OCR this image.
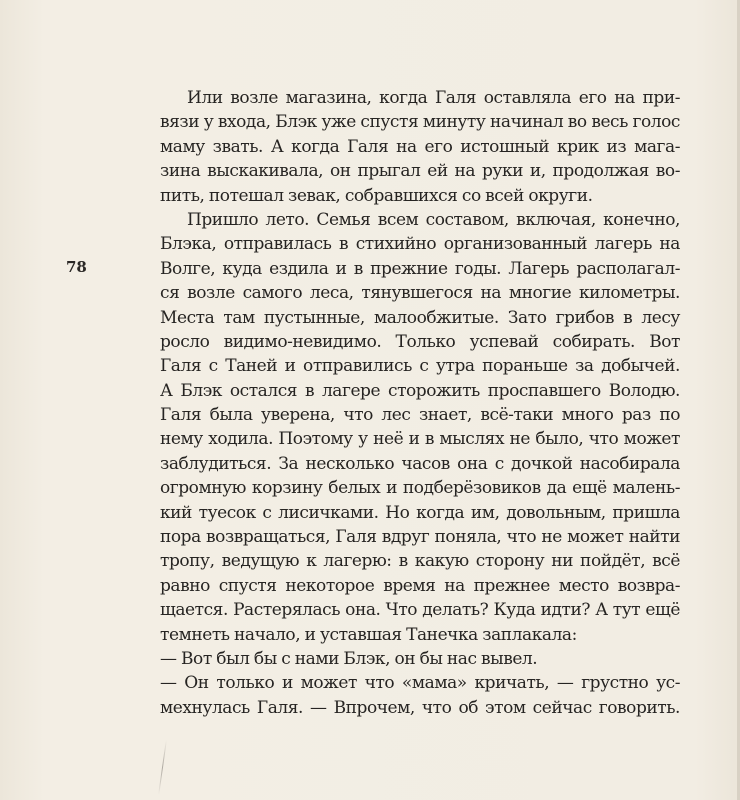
78
Или возле магазина, когда Галя оставляла его на при-
вязи у входа, Блэк уже спустя минуту начинал во весь голос
маму звать. А когда Галя на его истошный крик из мага-
зина выскакивала, он прыгал ей на руки и, продолжая во-
пить, потешал зевак, собравшихся со всей округи.
Пришло лето. Семья всем составом, включая, конечно,
Блэка, отправилась в стихийно организованный лагерь на
Волге, куда ездила и в прежние годы. Лагерь располагал-
ся возле самого леса, тянувшегося на многие километры.
Места там пустынные, малообжитые. Зато грибов в лесу
росло видимо-невидимо. Только успевай собирать. Вот
Галя с Таней и отправились с утра пораньше за добычей.
А Блэк остался в лагере сторожить проспавшего Володю.
Галя была уверена, что лес знает, всё-таки много раз по
нему ходила. Поэтому у неё и в мыслях не было, что может
заблудиться. За несколько часов она с дочкой насобирала
огромную корзину белых и подберёзовиков да ещё малень-
кий туесок с лисичками. Но когда им, довольным, пришла
пора возвращаться, Галя вдруг поняла, что не может найти
тропу, ведущую к лагерю: в какую сторону ни пойдёт, всё
равно спустя некоторое время на прежнее место возвра-
щается. Растерялась она. Что делать? Куда идти? А тут ещё
темнеть начало, и уставшая Танечка заплакала:
— Вот был бы с нами Блэк, он бы нас вывел.
— Он только и может что «мама» кричать, — грустно ус-
мехнулась Галя. — Впрочем, что об этом сейчас говорить.
